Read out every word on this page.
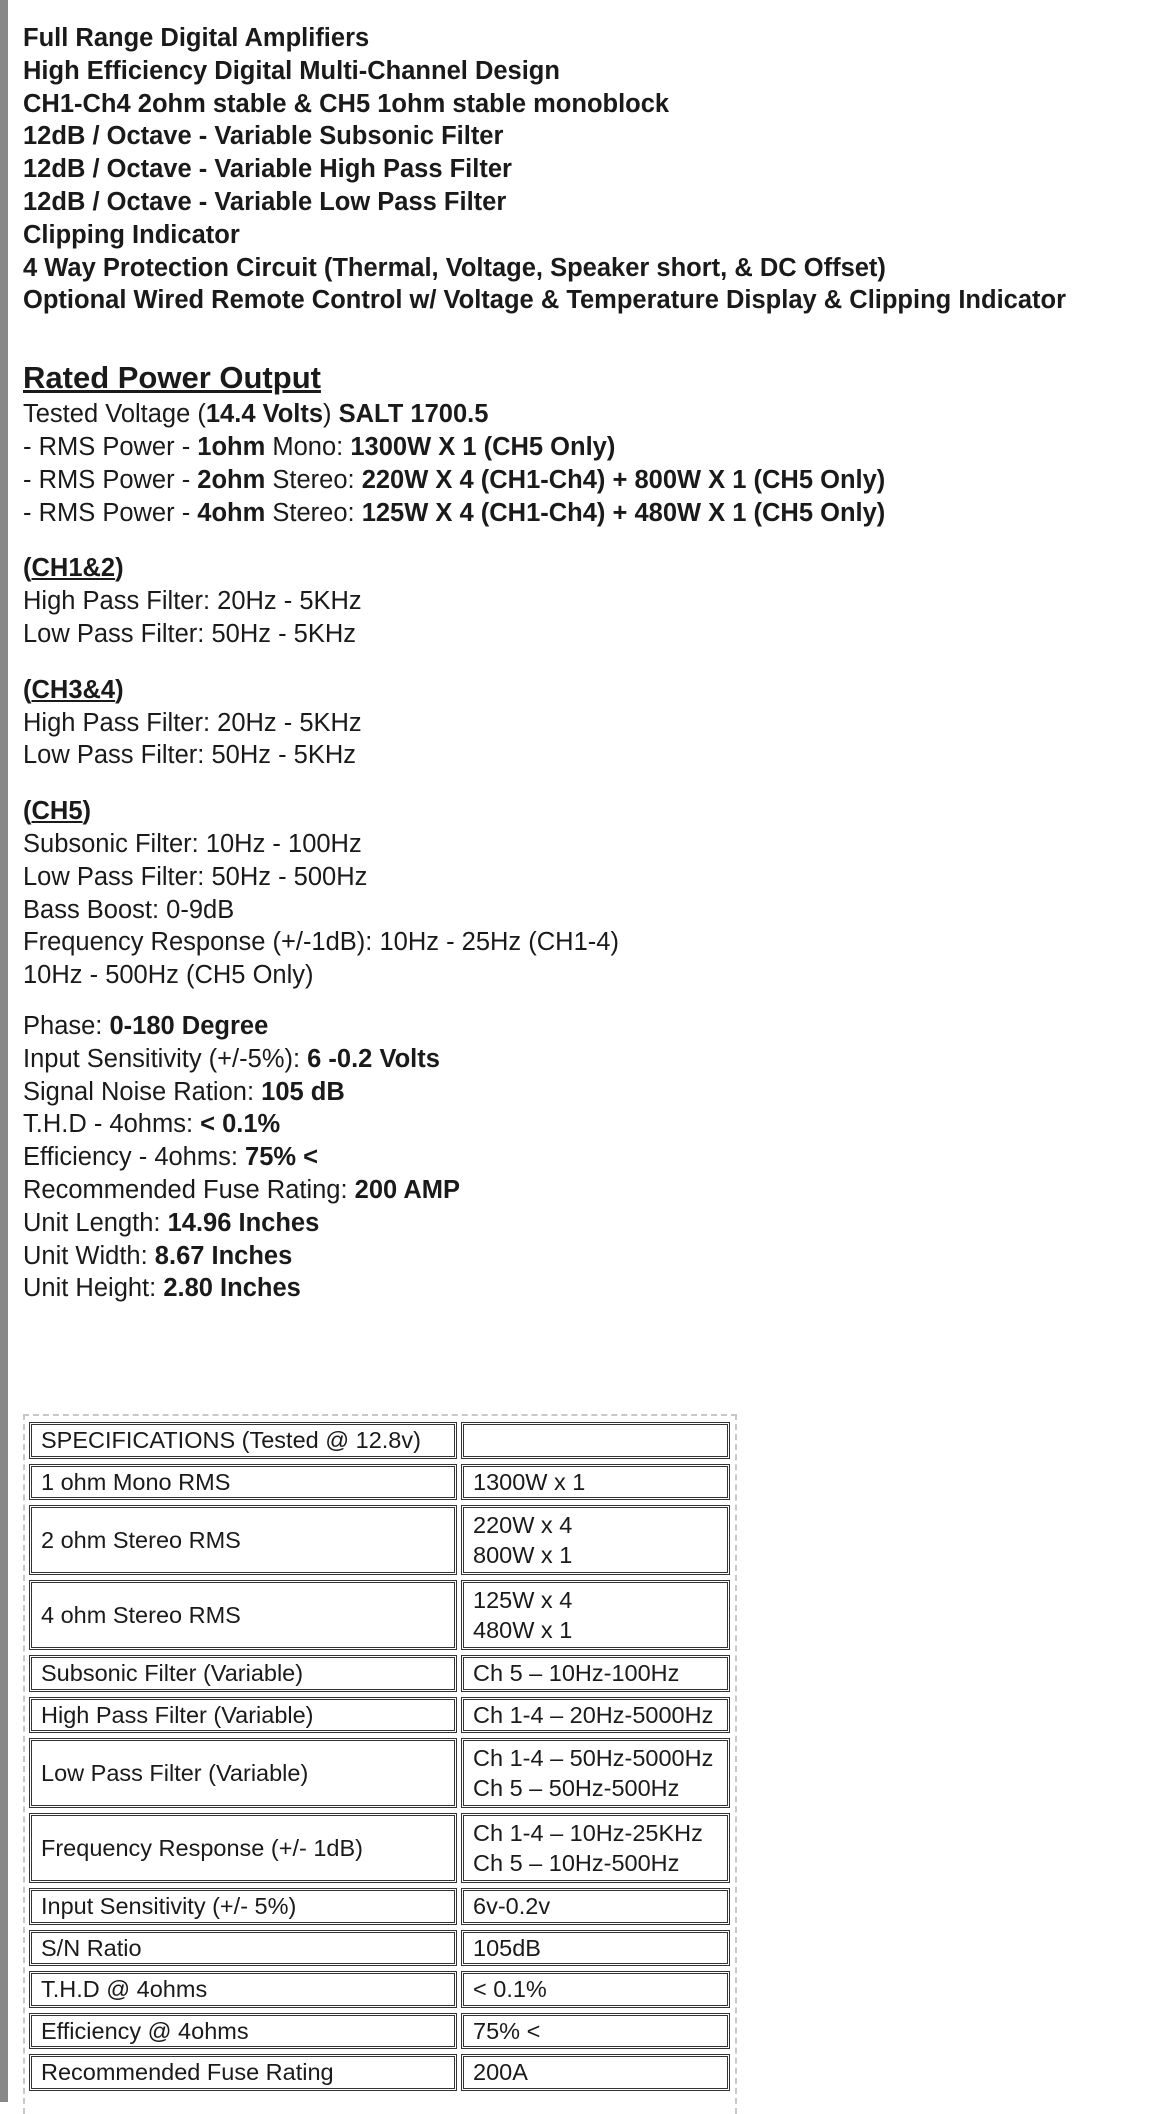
Full Range Digital Amplifiers
High Efficiency Digital Multi-Channel Design
CH1-Ch4 2ohm stable & CH5 1ohm stable monoblock
12dB / Octave - Variable Subsonic Filter
12dB / Octave - Variable High Pass Filter
12dB / Octave - Variable Low Pass Filter
Clipping Indicator
4 Way Protection Circuit (Thermal, Voltage, Speaker short, & DC Offset)
Optional Wired Remote Control w/ Voltage & Temperature Display & Clipping Indicator
Rated Power Output
Tested Voltage (14.4 Volts) SALT 1700.5
- RMS Power - 1ohm Mono: 1300W X 1 (CH5 Only)
- RMS Power - 2ohm Stereo: 220W X 4 (CH1-Ch4) + 800W X 1 (CH5 Only)
- RMS Power - 4ohm Stereo: 125W X 4 (CH1-Ch4) + 480W X 1 (CH5 Only)
(CH1&2)
High Pass Filter: 20Hz - 5KHz
Low Pass Filter: 50Hz - 5KHz
(CH3&4)
High Pass Filter: 20Hz - 5KHz
Low Pass Filter: 50Hz - 5KHz
(CH5)
Subsonic Filter: 10Hz - 100Hz
Low Pass Filter: 50Hz - 500Hz
Bass Boost: 0-9dB
Frequency Response (+/-1dB): 10Hz - 25Hz (CH1-4)
10Hz - 500Hz (CH5 Only)
Phase: 0-180 Degree
Input Sensitivity (+/-5%): 6 -0.2 Volts
Signal Noise Ration: 105 dB
T.H.D - 4ohms: < 0.1%
Efficiency - 4ohms: 75% <
Recommended Fuse Rating: 200 AMP
Unit Length: 14.96 Inches
Unit Width: 8.67 Inches
Unit Height: 2.80 Inches
SPECIFICATIONS (Tested @ 12.8v)	
1 ohm Mono RMS	1300W x 1
2 ohm Stereo RMS	220W x 4
800W x 1

4 ohm Stereo RMS	125W x 4
480W x 1

Subsonic Filter (Variable)	Ch 5 – 10Hz-100Hz
High Pass Filter (Variable)	Ch 1-4 – 20Hz-5000Hz
Low Pass Filter (Variable)	Ch 1-4 – 50Hz-5000Hz
Ch 5 – 50Hz-500Hz

Frequency Response (+/- 1dB)	Ch 1-4 – 10Hz-25KHz
Ch 5 – 10Hz-500Hz

Input Sensitivity (+/- 5%)	6v-0.2v
S/N Ratio	105dB
T.H.D @ 4ohms	< 0.1%
Efficiency @ 4ohms	75% <
Recommended Fuse Rating	200A
